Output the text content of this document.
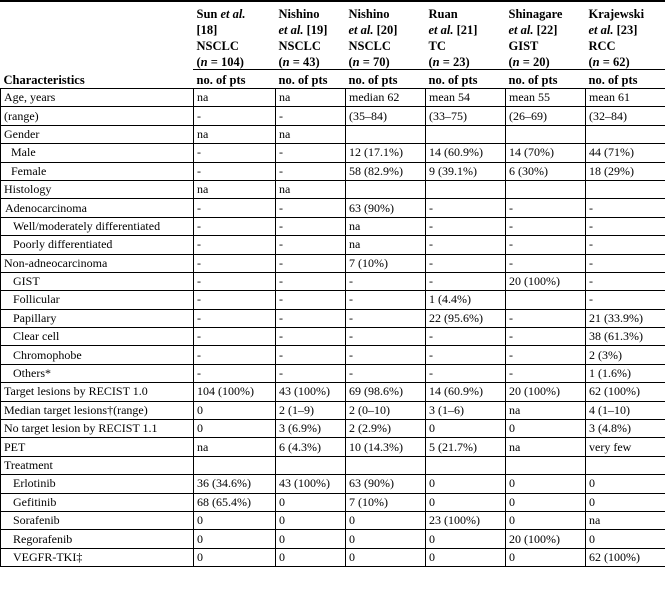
	Sun et al.
[18]
NSCLC
(n = 104)	Nishino
et al. [19]
NSCLC
(n = 43)	Nishino
et al. [20]
NSCLC
(n = 70)	Ruan
et al. [21]
TC
(n = 23)	Shinagare
et al. [22]
GIST
(n = 20)	Krajewski
et al. [23]
RCC
(n = 62)

Characteristics	no. of pts	no. of pts	no. of pts	no. of pts	no. of pts	no. of pts
Age, years	na	na	median 62	mean 54	mean 55	mean 61
(range)	-	-	(35–84)	(33–75)	(26–69)	(32–84)
Gender	na	na				
Male	-	-	12 (17.1%)	14 (60.9%)	14 (70%)	44 (71%)
Female	-	-	58 (82.9%)	9 (39.1%)	6 (30%)	18 (29%)
Histology	na	na				
Adenocarcinoma	-	-	63 (90%)	-	-	-
Well/moderately differentiated	-	-	na	-	-	-
Poorly differentiated	-	-	na	-	-	-
Non-adneocarcinoma	-	-	7 (10%)	-	-	-
GIST	-	-	-	-	20 (100%)	-
Follicular	-	-	-	1 (4.4%)		-
Papillary	-	-	-	22 (95.6%)	-	21 (33.9%)
Clear cell	-	-	-	-	-	38 (61.3%)
Chromophobe	-	-	-	-	-	2 (3%)
Others*	-	-	-	-	-	1 (1.6%)
Target lesions by RECIST 1.0	104 (100%)	43 (100%)	69 (98.6%)	14 (60.9%)	20 (100%)	62 (100%)
Median target lesions†(range)	0	2 (1–9)	2 (0–10)	3 (1–6)	na	4 (1–10)
No target lesion by RECIST 1.1	0	3 (6.9%)	2 (2.9%)	0	0	3 (4.8%)
PET	na	6 (4.3%)	10 (14.3%)	5 (21.7%)	na	very few
Treatment						
Erlotinib	36 (34.6%)	43 (100%)	63 (90%)	0	0	0
Gefitinib	68 (65.4%)	0	7 (10%)	0	0	0
Sorafenib	0	0	0	23 (100%)	0	na
Regorafenib	0	0	0	0	20 (100%)	0
VEGFR-TKI‡	0	0	0	0	0	62 (100%)
